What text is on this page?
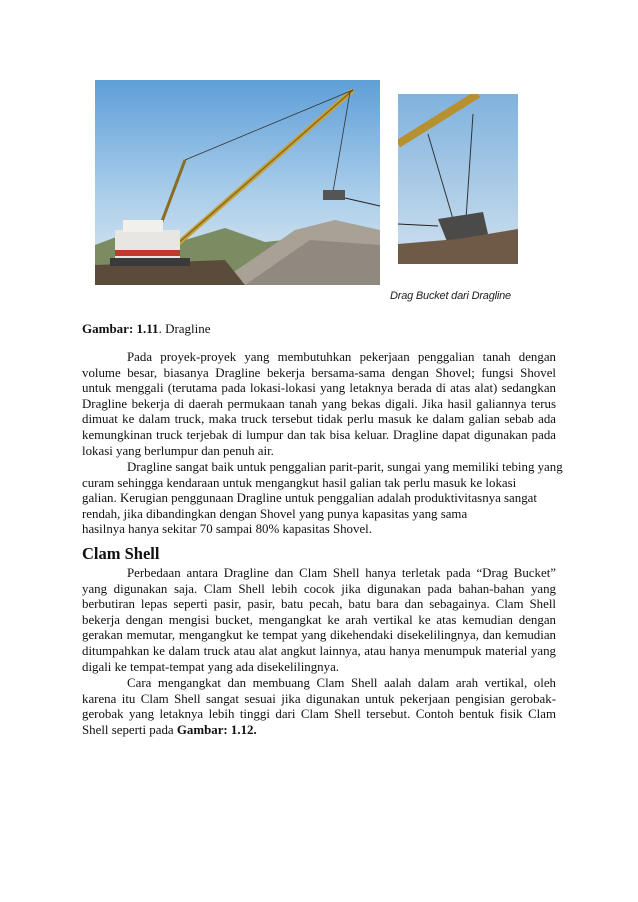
Drag Bucket dari Dragline
Gambar: 1.11. Dragline

Pada proyek-proyek yang membutuhkan pekerjaan penggalian tanah dengan volume besar, biasanya Dragline bekerja bersama-sama dengan Shovel; fungsi Shovel untuk menggali (terutama pada lokasi-lokasi yang letaknya berada di atas alat) sedangkan Dragline bekerja di daerah permukaan tanah yang bekas digali. Jika hasil galiannya terus dimuat ke dalam truck, maka truck tersebut tidak perlu masuk ke dalam galian sebab ada kemungkinan truck terjebak di lumpur dan tak bisa keluar. Dragline dapat digunakan pada lokasi yang berlumpur dan penuh air.

Dragline sangat baik untuk penggalian parit-parit, sungai yang memiliki tebing yang
curam sehingga kendaraan untuk mengangkut hasil galian tak perlu masuk ke lokasi
galian. Kerugian penggunaan Dragline untuk penggalian adalah produktivitasnya sangat
rendah, jika dibandingkan dengan Shovel yang punya kapasitas yang sama
hasilnya hanya sekitar 70 sampai 80% kapasitas Shovel.
Clam Shell

Perbedaan antara Dragline dan Clam Shell hanya terletak pada “Drag Bucket” yang digunakan saja. Clam Shell lebih cocok jika digunakan pada bahan-bahan yang berbutiran lepas seperti pasir, pasir, batu pecah, batu bara dan sebagainya. Clam Shell bekerja dengan mengisi bucket, mengangkat ke arah vertikal ke atas kemudian dengan gerakan memutar, mengangkut ke tempat yang dikehendaki disekelilingnya, dan kemudian ditumpahkan ke dalam truck atau alat angkut lainnya, atau hanya menumpuk material yang digali ke tempat-tempat yang ada disekelilingnya.

Cara mengangkat dan membuang Clam Shell aalah dalam arah vertikal, oleh karena itu Clam Shell sangat sesuai jika digunakan untuk pekerjaan pengisian gerobak-gerobak yang letaknya lebih tinggi dari Clam Shell tersebut. Contoh bentuk fisik Clam Shell seperti pada Gambar: 1.12.
